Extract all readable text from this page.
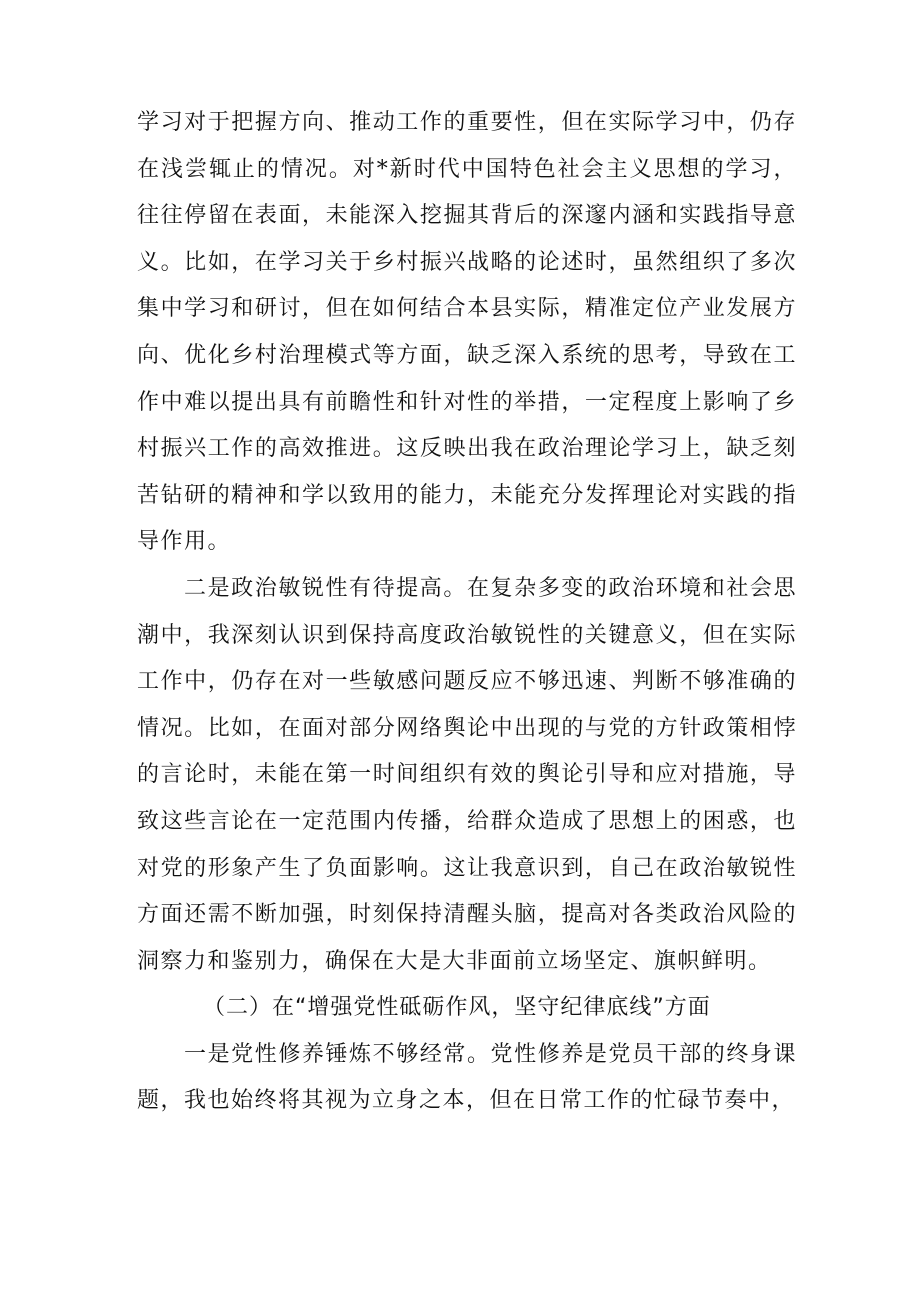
学习对于把握方向、推动工作的重要性，但在实际学习中，仍存在浅尝辄止的情况。对*新时代中国特色社会主义思想的学习，往往停留在表面，未能深入挖掘其背后的深邃内涵和实践指导意义。比如，在学习关于乡村振兴战略的论述时，虽然组织了多次集中学习和研讨，但在如何结合本县实际，精准定位产业发展方向、优化乡村治理模式等方面，缺乏深入系统的思考，导致在工作中难以提出具有前瞻性和针对性的举措，一定程度上影响了乡村振兴工作的高效推进。这反映出我在政治理论学习上，缺乏刻苦钻研的精神和学以致用的能力，未能充分发挥理论对实践的指导作用。

二是政治敏锐性有待提高。在复杂多变的政治环境和社会思潮中，我深刻认识到保持高度政治敏锐性的关键意义，但在实际工作中，仍存在对一些敏感问题反应不够迅速、判断不够准确的情况。比如，在面对部分网络舆论中出现的与党的方针政策相悖的言论时，未能在第一时间组织有效的舆论引导和应对措施，导致这些言论在一定范围内传播，给群众造成了思想上的困惑，也对党的形象产生了负面影响。这让我意识到，自己在政治敏锐性方面还需不断加强，时刻保持清醒头脑，提高对各类政治风险的洞察力和鉴别力，确保在大是大非面前立场坚定、旗帜鲜明。

（二）在“增强党性砥砺作风，坚守纪律底线”方面

一是党性修养锤炼不够经常。党性修养是党员干部的终身课题，我也始终将其视为立身之本，但在日常工作的忙碌节奏中，
